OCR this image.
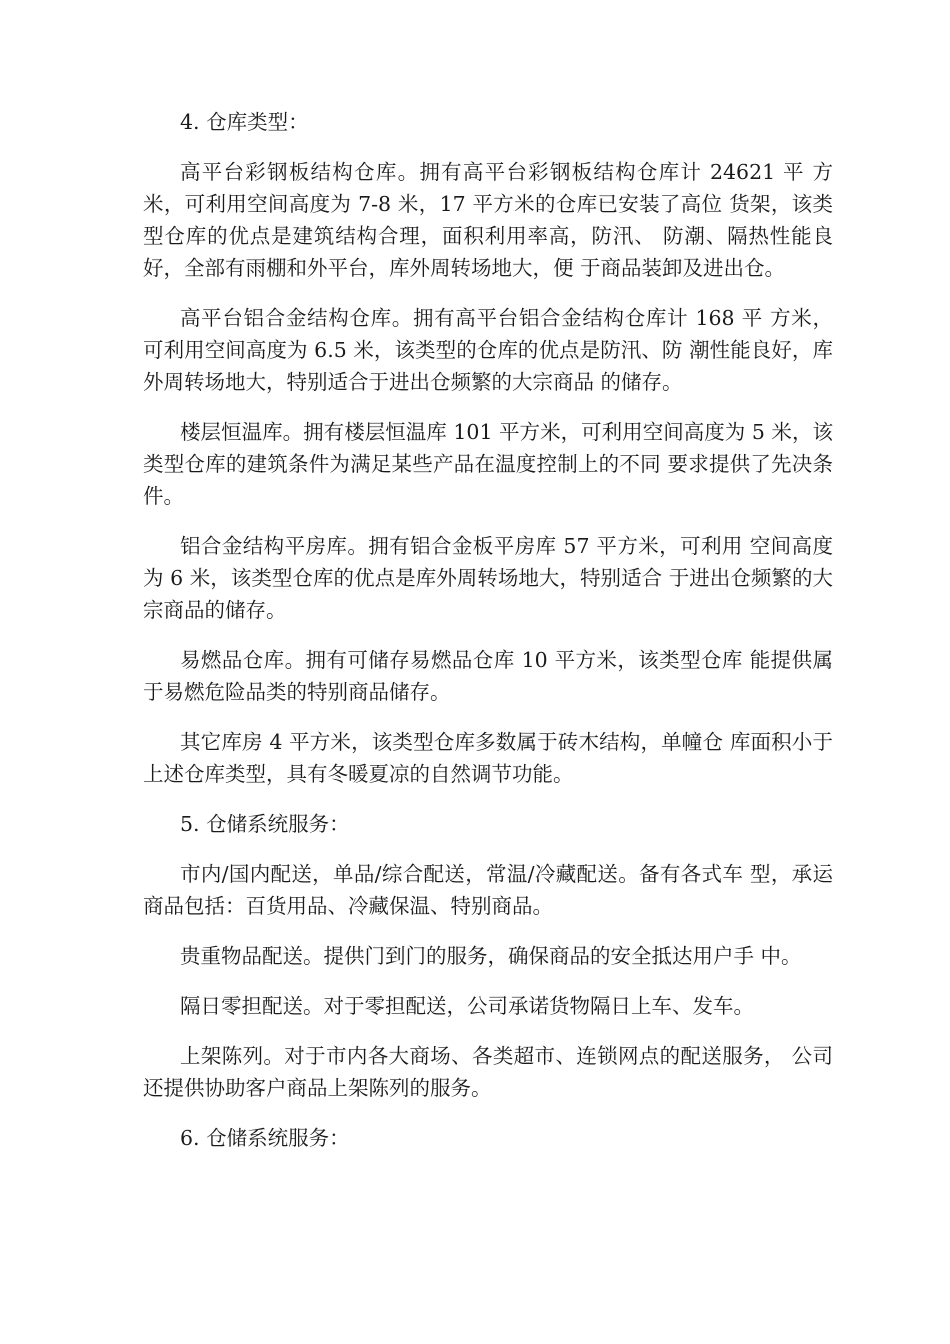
4. 仓库类型：

高平台彩钢板结构仓库。拥有高平台彩钢板结构仓库计 24621 平 方米，可利用空间高度为 7-8 米，17 平方米的仓库已安装了高位 货架，该类型仓库的优点是建筑结构合理，面积利用率高，防汛、 防潮、隔热性能良好，全部有雨棚和外平台，库外周转场地大，便 于商品装卸及进出仓。

高平台铝合金结构仓库。拥有高平台铝合金结构仓库计 168 平 方米，可利用空间高度为 6.5 米，该类型的仓库的优点是防汛、防 潮性能良好，库外周转场地大，特别适合于进出仓频繁的大宗商品 的储存。

楼层恒温库。拥有楼层恒温库 101 平方米，可利用空间高度为 5 米，该类型仓库的建筑条件为满足某些产品在温度控制上的不同 要求提供了先决条件。

铝合金结构平房库。拥有铝合金板平房库 57 平方米，可利用 空间高度为 6 米，该类型仓库的优点是库外周转场地大，特别适合 于进出仓频繁的大宗商品的储存。

易燃品仓库。拥有可储存易燃品仓库 10 平方米，该类型仓库 能提供属于易燃危险品类的特别商品储存。

其它库房 4 平方米，该类型仓库多数属于砖木结构，单幢仓 库面积小于上述仓库类型，具有冬暖夏凉的自然调节功能。

5. 仓储系统服务：

市内/国内配送，单品/综合配送，常温/冷藏配送。备有各式车 型，承运商品包括：百货用品、冷藏保温、特别商品。

贵重物品配送。提供门到门的服务，确保商品的安全抵达用户手 中。

隔日零担配送。对于零担配送，公司承诺货物隔日上车、发车。

上架陈列。对于市内各大商场、各类超市、连锁网点的配送服务， 公司还提供协助客户商品上架陈列的服务。

6. 仓储系统服务：
